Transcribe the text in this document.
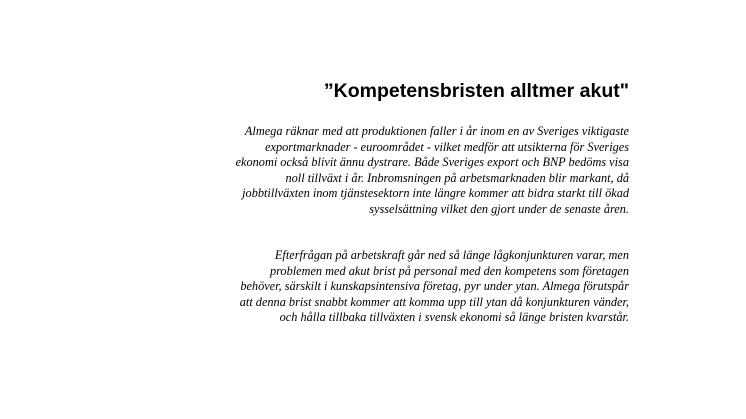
”Kompetensbristen alltmer akut"

Almega räknar med att produktionen faller i år inom en av Sveriges viktigaste
exportmarknader - euroområdet - vilket medför att utsikterna för Sveriges
ekonomi också blivit ännu dystrare. Både Sveriges export och BNP bedöms visa
noll tillväxt i år. Inbromsningen på arbetsmarknaden blir markant, då
jobbtillväxten inom tjänstesektorn inte längre kommer att bidra starkt till ökad
sysselsättning vilket den gjort under de senaste åren.

Efterfrågan på arbetskraft går ned så länge lågkonjunkturen varar, men
problemen med akut brist på personal med den kompetens som företagen
behöver, särskilt i kunskapsintensiva företag, pyr under ytan. Almega förutspår
att denna brist snabbt kommer att komma upp till ytan då konjunkturen vänder,
och hålla tillbaka tillväxten i svensk ekonomi så länge bristen kvarstår.
